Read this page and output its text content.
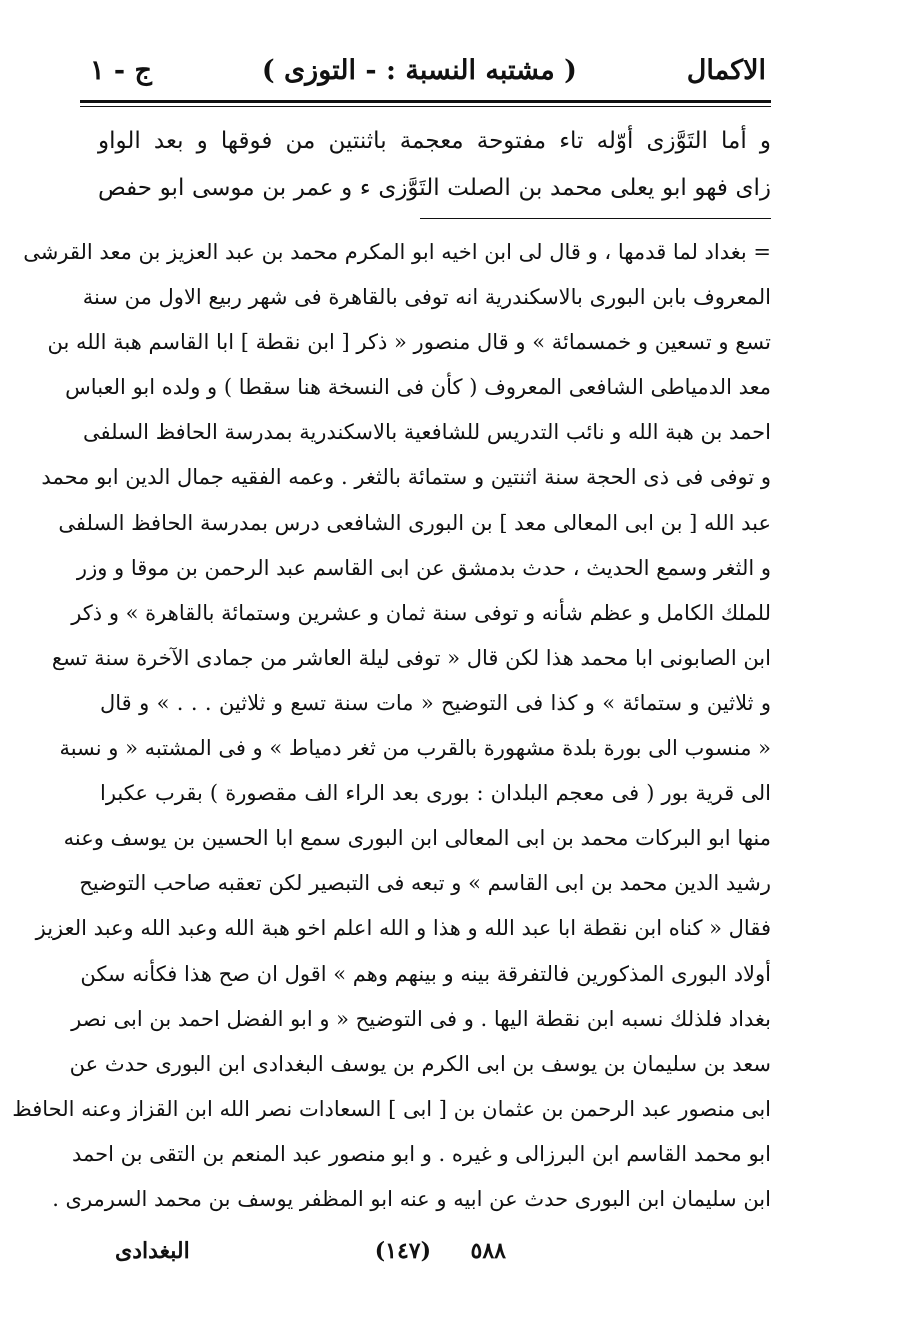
الاكمال
( مشتبه النسبة : - التوزى )
ج - ١

و أما التَوَّزى أوّله تاء مفتوحة معجمة باثنتين من فوقها و بعد الواو

زاى فهو ابو يعلى محمد بن الصلت التَوَّزى ء و عمر بن موسى ابو حفص

= بغداد لما قدمها ، و قال لى ابن اخيه ابو المكرم محمد بن عبد العزيز بن معد القرشى

المعروف بابن البورى بالاسكندرية انه توفى بالقاهرة فى شهر ربيع الاول من سنة

تسع و تسعين و خمسمائة » و قال منصور « ذكر [ ابن نقطة ] ابا القاسم هبة الله بن

معد الدمياطى الشافعى المعروف ( كأن فى النسخة هنا سقطا ) و ولده ابو العباس

احمد بن هبة الله و نائب التدريس للشافعية بالاسكندرية بمدرسة الحافظ السلفى

و توفى فى ذى الحجة سنة اثنتين و ستمائة بالثغر . وعمه الفقيه جمال الدين ابو محمد

عبد الله [ بن ابى المعالى معد ] بن البورى الشافعى درس بمدرسة الحافظ السلفى

و الثغر وسمع الحديث ، حدث بدمشق عن ابى القاسم عبد الرحمن بن موقا و وزر

للملك الكامل و عظم شأنه و توفى سنة ثمان و عشرين وستمائة بالقاهرة » و ذكر

ابن الصابونى ابا محمد هذا لكن قال « توفى ليلة العاشر من جمادى الآخرة سنة تسع

و ثلاثين و ستمائة » و كذا فى التوضيح « مات سنة تسع و ثلاثين . . . » و قال

« منسوب الى بورة بلدة مشهورة بالقرب من ثغر دمياط » و فى المشتبه « و نسبة

الى قرية بور ( فى معجم البلدان : بورى بعد الراء الف مقصورة ) بقرب عكبرا

منها ابو البركات محمد بن ابى المعالى ابن البورى سمع ابا الحسين بن يوسف وعنه

رشيد الدين محمد بن ابى القاسم » و تبعه فى التبصير لكن تعقبه صاحب التوضيح

فقال « كناه ابن نقطة ابا عبد الله و هذا و الله اعلم اخو هبة الله وعبد الله وعبد العزيز

أولاد البورى المذكورين فالتفرقة بينه و بينهم وهم » اقول ان صح هذا فكأنه سكن

بغداد فلذلك نسبه ابن نقطة اليها . و فى التوضيح « و ابو الفضل احمد بن ابى نصر

سعد بن سليمان بن يوسف بن ابى الكرم بن يوسف البغدادى ابن البورى حدث عن

ابى منصور عبد الرحمن بن عثمان بن [ ابى ] السعادات نصر الله ابن القزاز وعنه الحافظ

ابو محمد القاسم ابن البرزالى و غيره . و ابو منصور عبد المنعم بن التقى بن احمد

ابن سليمان ابن البورى حدث عن ابيه و عنه ابو المظفر يوسف بن محمد السرمرى .

٥٨٨
(١٤٧)
البغدادى
